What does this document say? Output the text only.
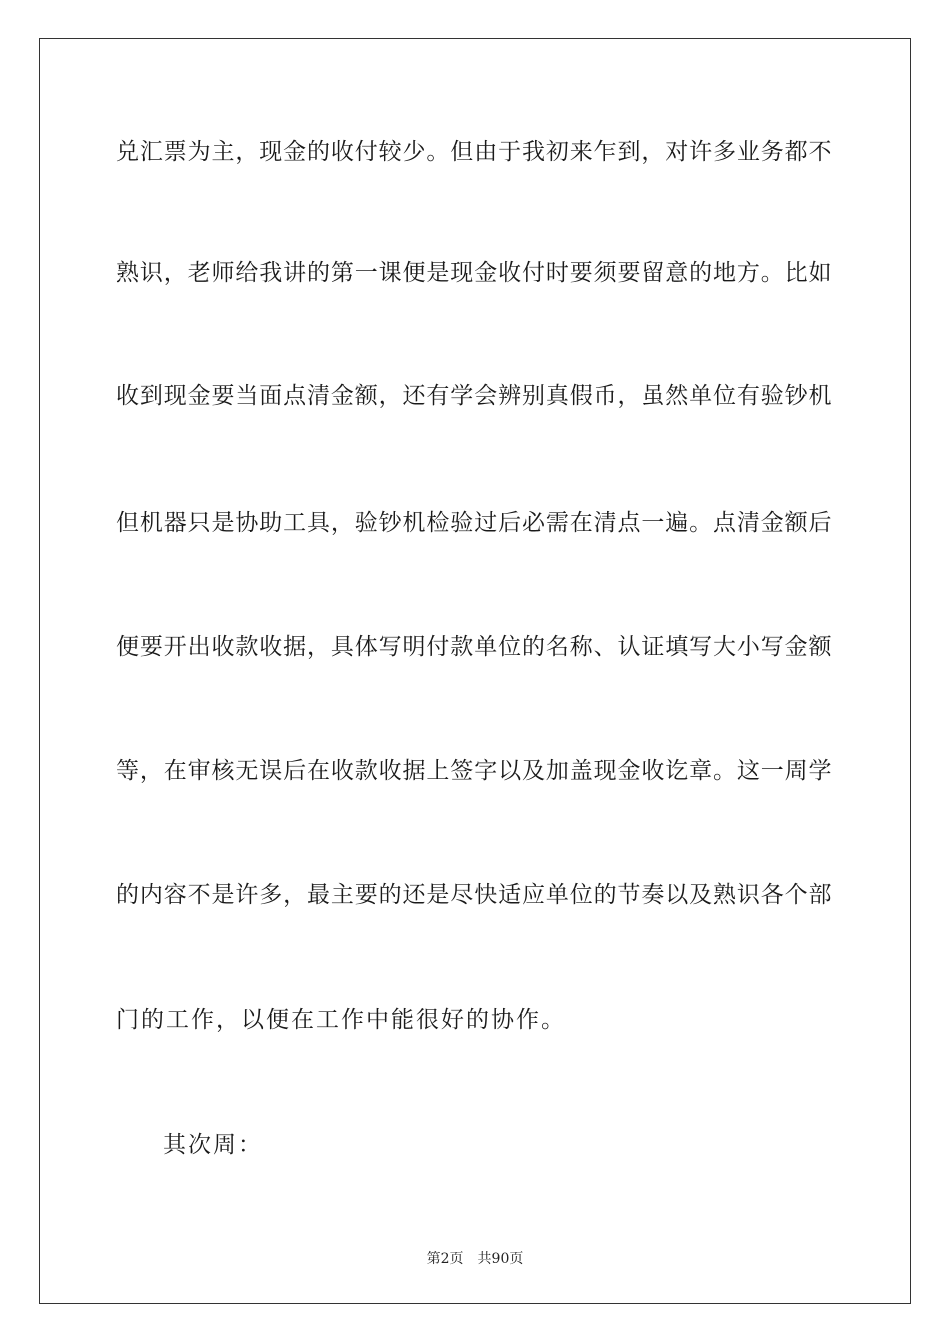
兑汇票为主，现金的收付较少。但由于我初来乍到，对许多业务都不
熟识，老师给我讲的第一课便是现金收付时要须要留意的地方。比如
收到现金要当面点清金额，还有学会辨别真假币，虽然单位有验钞机
但机器只是协助工具，验钞机检验过后必需在清点一遍。点清金额后
便要开出收款收据，具体写明付款单位的名称、认证填写大小写金额
等，在审核无误后在收款收据上签字以及加盖现金收讫章。这一周学
的内容不是许多，最主要的还是尽快适应单位的节奏以及熟识各个部
门的工作，以便在工作中能很好的协作。
其次周：
第2页 共90页
